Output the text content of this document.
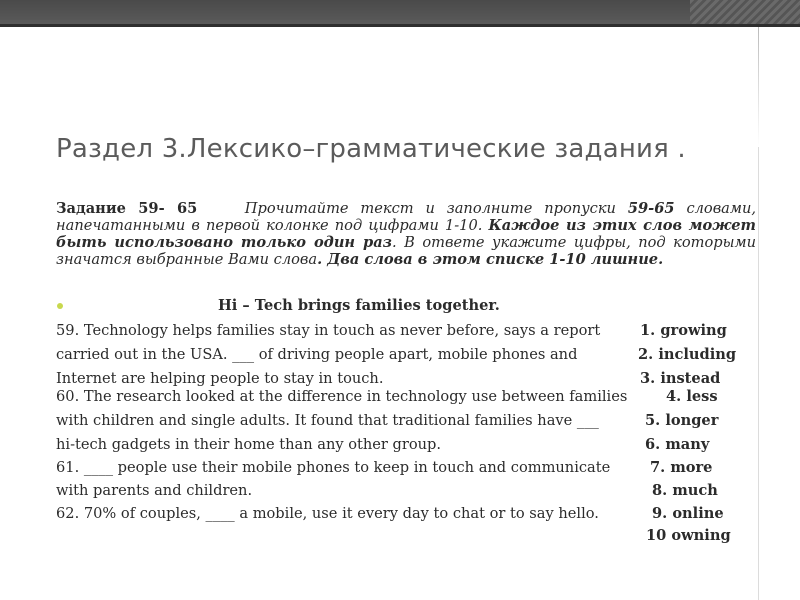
Раздел 3.Лексико–грамматические задания .
Задание 59- 65	Прочитайте текст и заполните пропуски 59-65 словами, напечатанными в первой колонке под цифрами 1-10. Каждое из этих слов может быть использовано только один раз. В ответе укажите цифры, под которыми значатся выбранные Вами слова. Два слова в этом списке 1-10 лишние.
Hi – Tech brings families together.
59. Technology helps families stay in touch as never before, says a report
carried out in the USA. ___ of driving people apart, mobile phones and
Internet are helping people to stay in touch.
60. The research looked at the difference in technology use between families
with children and single adults. It found that traditional families have ___
hi-tech gadgets in their home than any other group.
61. ____ people use their mobile phones to keep in touch and communicate
with parents and children.
62. 70% of couples, ____ a mobile, use it every day to chat or to say hello.
1. growing
2. including
3. instead
4. less
5. longer
6. many
7. more
8. much
9. online
10 owning
